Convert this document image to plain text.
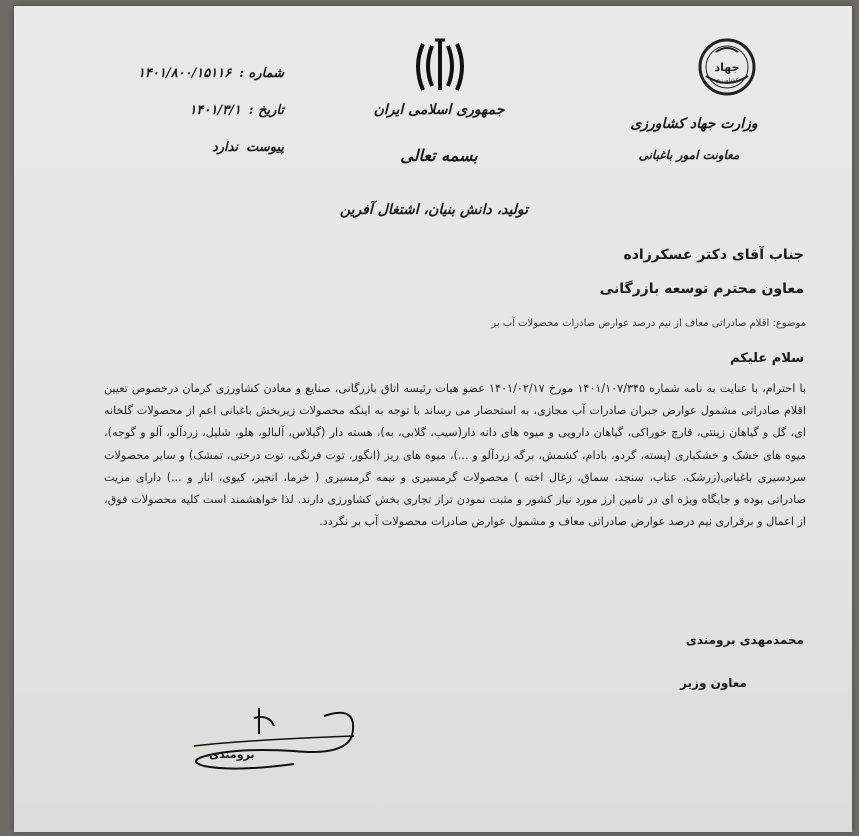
جهاد
کشاورزی
وزارت جهاد کشاورزی
معاونت امور باغبانی
جمهوری اسلامی ایران
بسمه تعالی
تولید، دانش بنیان، اشتغال آفرین
شماره :
۱۴۰۱/۸۰۰/۱۵۱۱۶
تاریخ :
۱۴۰۱/۳/۱
پیوست
ندارد
جناب آقای دکتر عسکرزاده
معاون محترم توسعه بازرگانی
موضوع: اقلام صادراتی معاف از نیم درصد عوارض صادرات محصولات آب بر
سلام علیکم
با احترام، با عنایت به نامه شماره ۱۴۰۱/۱۰۷/۳۴۵ مورخ ۱۴۰۱/۰۲/۱۷ عضو هیات رئیسه اتاق بازرگانی، صنایع و معادن کشاورزی کرمان درخصوص تعیین اقلام صادراتی مشمول عوارض جبران صادرات آب مجازی، به استحضار می رساند با توجه به اینکه محصولات زیربخش باغبانی اعم از محصولات گلخانه ای، گل و گیاهان زینتی، قارچ خوراکی، گیاهان دارویی و میوه های دانه دار(سیب، گلابی، به)، هسته دار (گیلاس، آلبالو، هلو، شلیل، زردآلو، آلو و گوجه)، میوه های خشک و خشکباری (پسته، گردو، بادام، کشمش، برگه زردآلو و ...)، میوه های ریز (انگور، توت فرنگی، توت درختی، تمشک) و سایر محصولات سردسیری باغبانی(زرشک، عناب، سنجد، سماق، زغال اخته ) محصولات گرمسیری و نیمه گرمسیری ( خرما، انجیر، کیوی، انار و ...) دارای مزیت صادراتی بوده و جایگاه ویژه ای در تامین ارز مورد نیاز کشور و مثبت نمودن تراز تجاری بخش کشاورزی دارند. لذا خواهشمند است کلیه محصولات فوق، از اعمال و برقراری نیم درصد عوارض صادراتی معاف و مشمول عوارض صادرات محصولات آب بر نگردد.
محمدمهدی برومندی
معاون وزیر
برومندی
